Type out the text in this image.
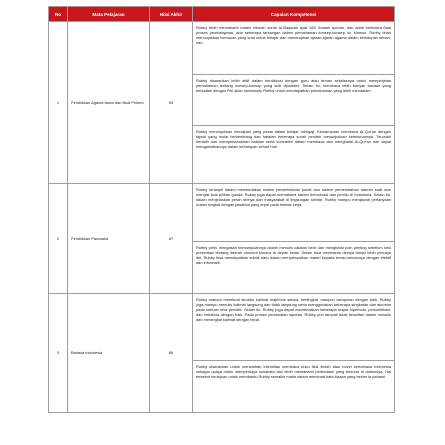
No	Mata Pelajaran	Nilai Akhir	Capaian Kompetensi
1	Pendidikan Agama Islam dan Budi Pekerti	94	Rubby telah memahami materi hikmah surah Al-Baqarah ayat 183, ibadah qurban, dan adab berbicara.Saat proses pembelajaran, ada beberapa tantangan dalam pemahaman konsep-konsep ini. Namun, Rubby telah menunjukkan kemauan yang kuat untuk belajar dan menerapkan ajaran-ajaran agama dalam kehidupan sehari-hari.
Rubby disarankan lebih aktif dalam berdiskusi dengan guru atau teman sekelasnya untuk memperjelas pemahaman tentang konsep-konsep yang sulit dipahami. Selain itu, membaca lebih banyak bacaan yang berkaitan dengan PAI akan membantu Rubby untuk mendapatkan pemahaman yang lebih mendalam.
Rubby menunjukkan kemajuan yang pesat dalam belajar mengaji. Kemampuan membaca Al-Qur'an dengan tajwid yang mulai berkembang dan hafalan beberapa surah pendek menunjukkan ketekunannya. Teruslah berlatih dan mempertahankan hafalan serta konsisten dalam membaca dan menghafal Al-Qur'an dan dapat mengamalkannya dalam kehidupan sehari-hari.

2	Pendidikan Pancasila	87	Rubby terampil dalam membedakan sistem pemerintahan pusat dan sistem pemerintahan daerah saat sesi mengisi kuis pilihan ganda. Rubby juga dapat memahami sistem demokrasi dan pemilu di Indonesia. Selain itu, dalam menjelaskan peran dirinya dan masyarakat di lingkungan sekitar, Rubby mampu menjawab pertanyaan uraian singkat dengan jawaban yang tepat pada lembar kerja.
Rubby perlu mengasah kemampuannya dalam menulis catatan kecil dan menghafal poin penting sebelum sesi presentasi tentang daerah otonomi khusus di depan kelas. Selain bisa membantu dirinya tampil lebih percaya diri, Rubby bisa mendapatkan teknik baru dalam menyampaikan materi kepada teman-temannya dengan efektif dan informatif.

3	Bahasa Indonesia	86	Rubby mampu membuat struktur kalimat majemuk setara, bertingkat, maupun campuran dengan baik. Rubby juga mampu menulis kalimat langsung dan tidak langsung serta menggunakan beberapa singkatan dan akronim pada sebuah teks pendek. Selain itu, Rubby juga dapat membedakan beberapa majas hiperbola, personifikasi, dan metafora dengan baik. Pada proses pembuatan laporan, Rubby pun tampak tidak kesulitan dalam menulis dan merangkai kalimat dengan tepat.
Rubby disarankan untuk menambah intensitas membaca buku fiksi ilmiah atau novel berbahasa Indonesia sebagai upaya untuk memperkaya kosakata dan lebih memahami perbedaan yang tersurat di dalamnya. Hal tersebut bertujuan untuk membantu Rubby semakin mahir dalam membuat kata kiasan yang belum ia pahami.
